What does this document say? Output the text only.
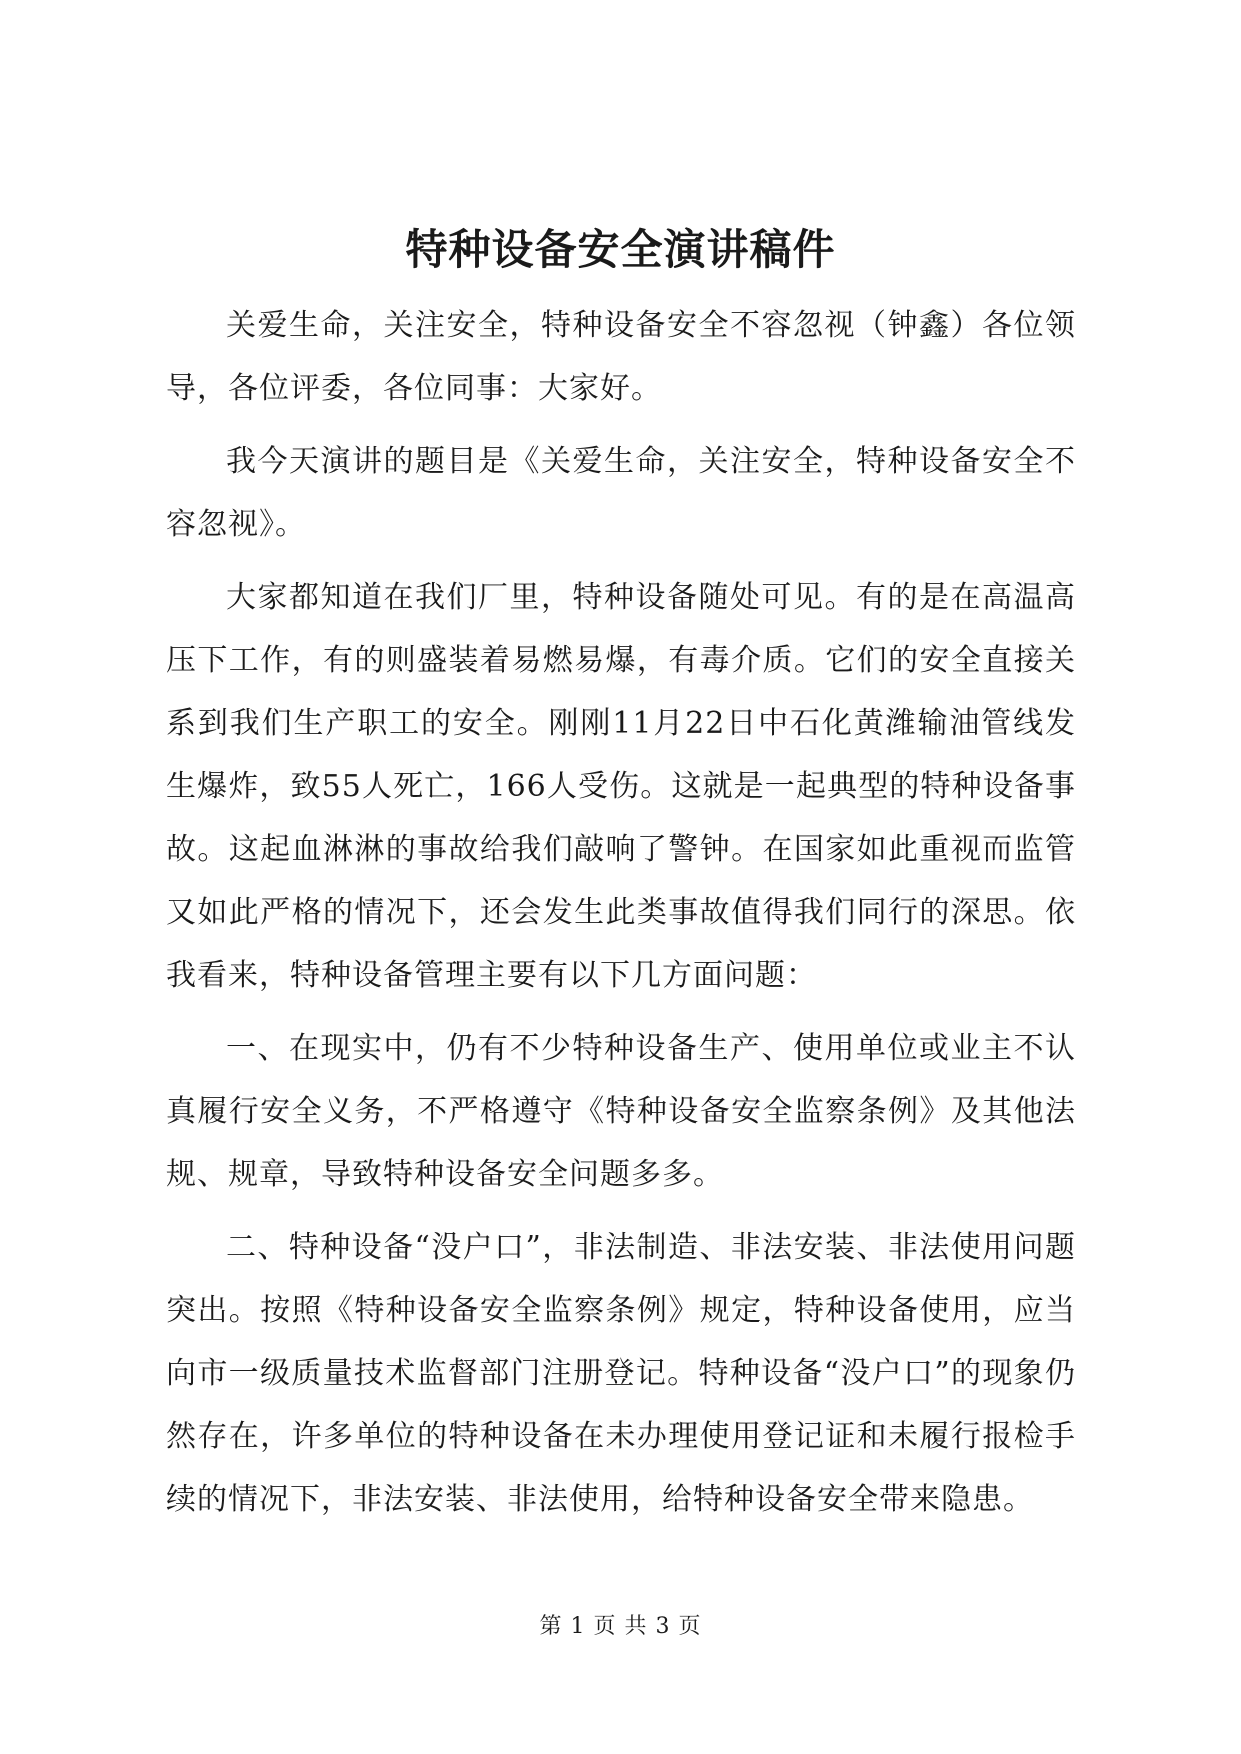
特种设备安全演讲稿件

关爱生命，关注安全，特种设备安全不容忽视（钟鑫）各位领导，各位评委，各位同事：大家好。

我今天演讲的题目是《关爱生命，关注安全，特种设备安全不容忽视》。

大家都知道在我们厂里，特种设备随处可见。有的是在高温高压下工作，有的则盛装着易燃易爆，有毒介质。它们的安全直接关系到我们生产职工的安全。刚刚11月22日中石化黄潍输油管线发生爆炸，致55人死亡，166人受伤。这就是一起典型的特种设备事故。这起血淋淋的事故给我们敲响了警钟。在国家如此重视而监管又如此严格的情况下，还会发生此类事故值得我们同行的深思。依我看来，特种设备管理主要有以下几方面问题：

一、在现实中，仍有不少特种设备生产、使用单位或业主不认真履行安全义务，不严格遵守《特种设备安全监察条例》及其他法规、规章，导致特种设备安全问题多多。

二、特种设备“没户口”，非法制造、非法安装、非法使用问题突出。按照《特种设备安全监察条例》规定，特种设备使用，应当向市一级质量技术监督部门注册登记。特种设备“没户口”的现象仍然存在，许多单位的特种设备在未办理使用登记证和未履行报检手续的情况下，非法安装、非法使用，给特种设备安全带来隐患。

第 1 页 共 3 页
